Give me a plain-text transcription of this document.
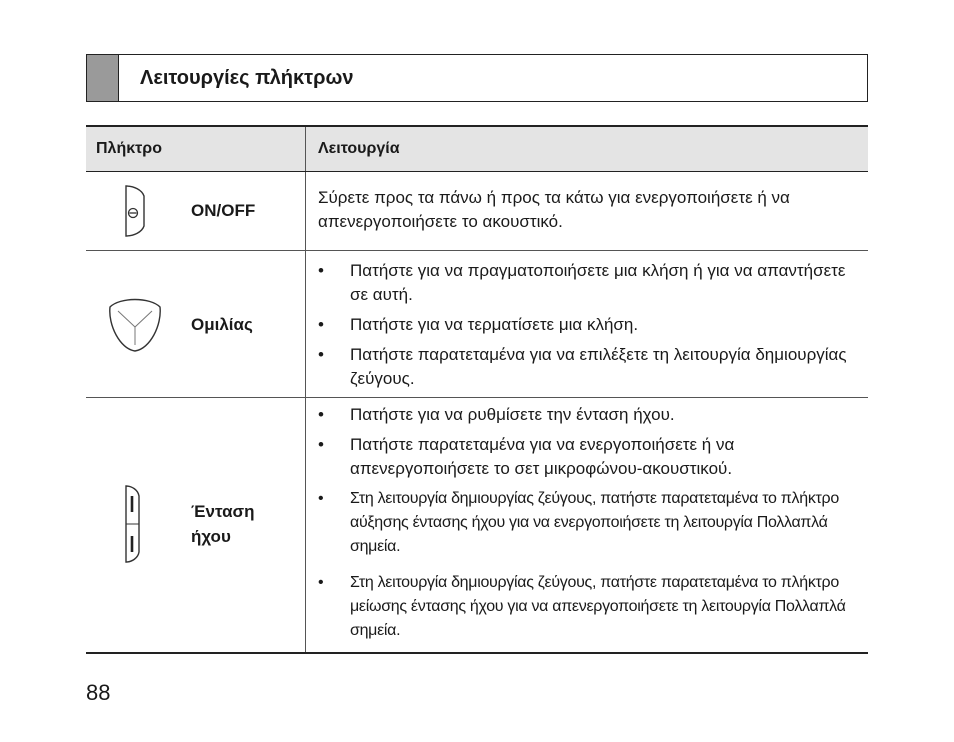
Λειτουργίες πλήκτρων
Πλήκτρο	Λειτουργία
ON/OFF
Σύρετε προς τα πάνω ή προς τα κάτω για ενεργοποιήσετε ή να απενεργοποιήσετε το ακουστικό.
Ομιλίας
• Πατήστε για να πραγματοποιήσετε μια κλήση ή για να απαντήσετε σε αυτή.
• Πατήστε για να τερματίσετε μια κλήση.
• Πατήστε παρατεταμένα για να επιλέξετε τη λειτουργία δημιουργίας ζεύγους.
Ένταση
ήχου
• Πατήστε για να ρυθμίσετε την ένταση ήχου.
• Πατήστε παρατεταμένα για να ενεργοποιήσετε ή να απενεργοποιήσετε το σετ μικροφώνου-ακουστικού.
• Στη λειτουργία δημιουργίας ζεύγους, πατήστε παρατεταμένα το πλήκτρο αύξησης έντασης ήχου για να ενεργοποιήσετε τη λειτουργία Πολλαπλά σημεία.
• Στη λειτουργία δημιουργίας ζεύγους, πατήστε παρατεταμένα το πλήκτρο μείωσης έντασης ήχου για να απενεργοποιήσετε τη λειτουργία Πολλαπλά σημεία.
88
